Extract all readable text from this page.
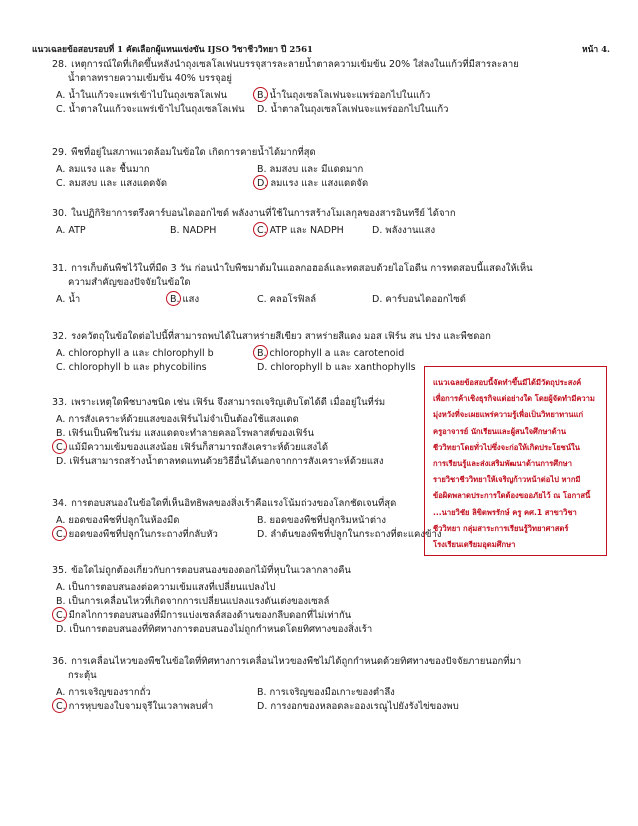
แนวเฉลยข้อสอบรอบที่ 1 คัดเลือกผู้แทนแข่งขัน IJSO วิชาชีววิทยา ปี 2561	หน้า 4.
28. เหตุการณ์ใดที่เกิดขึ้นหลังนำถุงเซลโลเฟนบรรจุสารละลายน้ำตาลความเข้มข้น 20% ใส่ลงในแก้วที่มีสารละลาย
น้ำตาลทรายความเข้มข้น 40% บรรจุอยู่
A. น้ำในแก้วจะแพร่เข้าไปในถุงเซลโลเฟน	B. น้ำในถุงเซลโลเฟนจะแพร่ออกไปในแก้ว
C. น้ำตาลในแก้วจะแพร่เข้าไปในถุงเซลโลเฟน D. น้ำตาลในถุงเซลโลเฟนจะแพร่ออกไปในแก้ว
29. พืชที่อยู่ในสภาพแวดล้อมในข้อใด เกิดการคายน้ำได้มากที่สุด
A. ลมแรง และ ชื้นมาก	B. ลมสงบ และ มีแดดมาก
C. ลมสงบ และ แสงแดดจัด	D. ลมแรง และ แสงแดดจัด
30. ในปฏิกิริยาการตรึงคาร์บอนไดออกไซด์ พลังงานที่ใช้ในการสร้างโมเลกุลของสารอินทรีย์ ได้จาก
A. ATP	B. NADPH	C. ATP และ NADPH	D. พลังงานแสง
31. การเก็บต้นพืชไว้ในที่มืด 3 วัน ก่อนนำใบพืชมาต้มในแอลกอฮอล์และทดสอบด้วยไอโอดีน การทดสอบนี้แสดงให้เห็น
ความสำคัญของปัจจัยในข้อใด
A. น้ำ	B. แสง	C. คลอโรฟิลล์	D. คาร์บอนไดออกไซด์
32. รงควัตถุในข้อใดต่อไปนี้ที่สามารถพบได้ในสาหร่ายสีเขียว สาหร่ายสีแดง มอส เฟิร์น สน ปรง และพืชดอก
A. chlorophyll a และ chlorophyll b	B. chlorophyll a และ carotenoid
C. chlorophyll b และ phycobilins	D. chlorophyll b และ xanthophylls
33. เพราะเหตุใดพืชบางชนิด เช่น เฟิร์น จึงสามารถเจริญเติบโตได้ดี เมื่ออยู่ในที่ร่ม
A. การสังเคราะห์ด้วยแสงของเฟิร์นไม่จำเป็นต้องใช้แสงแดด
B. เฟิร์นเป็นพืชในร่ม แสงแดดจะทำลายคลอโรพลาสต์ของเฟิร์น
C. แม้มีความเข้มของแสงน้อย เฟิร์นก็สามารถสังเคราะห์ด้วยแสงได้
D. เฟิร์นสามารถสร้างน้ำตาลทดแทนด้วยวิธีอื่นได้นอกจากการสังเคราะห์ด้วยแสง
34. การตอบสนองในข้อใดที่เห็นอิทธิพลของสิ่งเร้าคือแรงโน้มถ่วงของโลกชัดเจนที่สุด
A. ยอดของพืชที่ปลูกในห้องมืด	B. ยอดของพืชที่ปลูกริมหน้าต่าง
C. ยอดของพืชที่ปลูกในกระถางที่กลับหัว	D. ลำต้นของพืชที่ปลูกในกระถางที่ตะแคงข้าง
35. ข้อใดไม่ถูกต้องเกี่ยวกับการตอบสนองของดอกไม้ที่หุบในเวลากลางคืน
A. เป็นการตอบสนองต่อความเข้มแสงที่เปลี่ยนแปลงไป
B. เป็นการเคลื่อนไหวที่เกิดจากการเปลี่ยนแปลงแรงดันเต่งของเซลล์
C. มีกลไกการตอบสนองที่มีการแบ่งเซลล์สองด้านของกลีบดอกที่ไม่เท่ากัน
D. เป็นการตอบสนองที่ทิศทางการตอบสนองไม่ถูกกำหนดโดยทิศทางของสิ่งเร้า
36. การเคลื่อนไหวของพืชในข้อใดที่ทิศทางการเคลื่อนไหวของพืชไม่ได้ถูกกำหนดด้วยทิศทางของปัจจัยภายนอกที่มา
กระตุ้น
A. การเจริญของรากถั่ว	B. การเจริญของมือเกาะของตำลึง
C. การหุบของใบจามจุรีในเวลาพลบค่ำ	D. การงอกของหลอดละอองเรณูไปยังรังไข่ของพบ
แนวเฉลยข้อสอบนี้จัดทำขึ้นมีได้มีวัตถุประสงค์
เพื่อการค้าเชิงธุรกิจแต่อย่างใด โดยผู้จัดทำมีความ
มุ่งหวังที่จะเผยแพร่ความรู้เพื่อเป็นวิทยาทานแก่
ครูอาจารย์ นักเรียนและผู้สนใจศึกษาด้าน
ชีววิทยาโดยทั่วไปซึ่งจะก่อให้เกิดประโยชน์ใน
การเรียนรู้และส่งเสริมพัฒนาด้านการศึกษา
รายวิชาชีววิทยาให้เจริญก้าวหน้าต่อไป หากมี
ข้อผิดพลาดประการใดต้องขออภัยไว้ ณ โอกาสนี้
...นายวิชัย ลิขิตพรรักษ์ ครู คศ.1 สาขาวิชา
ชีววิทยา กลุ่มสาระการเรียนรู้วิทยาศาสตร์
โรงเรียนเตรียมอุดมศึกษา
